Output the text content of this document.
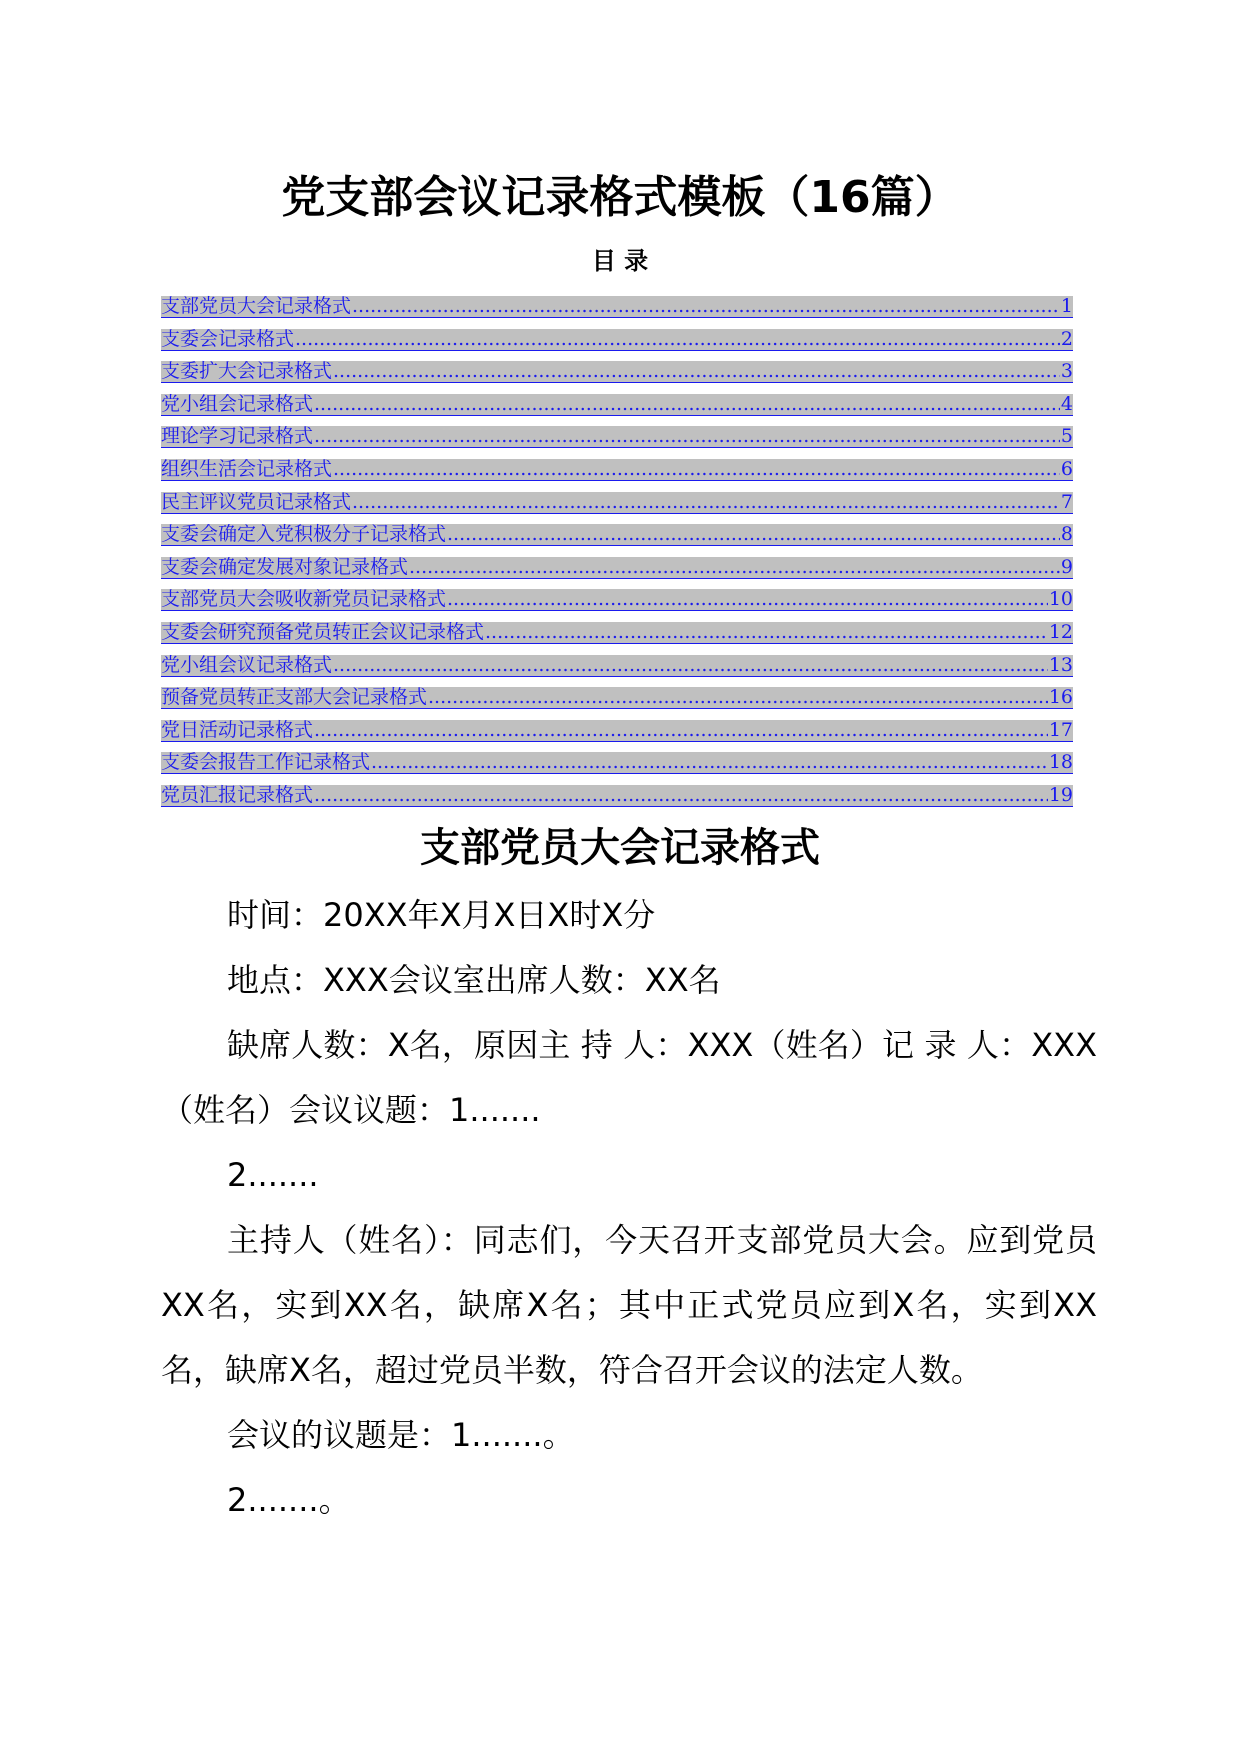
党支部会议记录格式模板（16篇）
目 录
支部党员大会记录格式 .....	1
支委会记录格式 .....	2
支委扩大会记录格式 .....	3
党小组会记录格式 .....	4
理论学习记录格式 .....	5
组织生活会记录格式 .....	6
民主评议党员记录格式 .....	7
支委会确定入党积极分子记录格式 .....	8
支委会确定发展对象记录格式 .....	9
支部党员大会吸收新党员记录格式 .....	10
支委会研究预备党员转正会议记录格式 .....	12
党小组会议记录格式 .....	13
预备党员转正支部大会记录格式 .....	16
党日活动记录格式 .....	17
支委会报告工作记录格式 .....	18
党员汇报记录格式 .....	19
支部党员大会记录格式

时间：20XX年X月X日X时X分

地点：XXX会议室出席人数：XX名

缺席人数：X名，原因主 持 人：XXX（姓名）记 录 人：XXX（姓名）会议议题：1.......

2.......

主持人（姓名）：同志们，今天召开支部党员大会。应到党员XX名，实到XX名，缺席X名；其中正式党员应到X名，实到XX名，缺席X名，超过党员半数，符合召开会议的法定人数。

会议的议题是：1.......。

2.......。
